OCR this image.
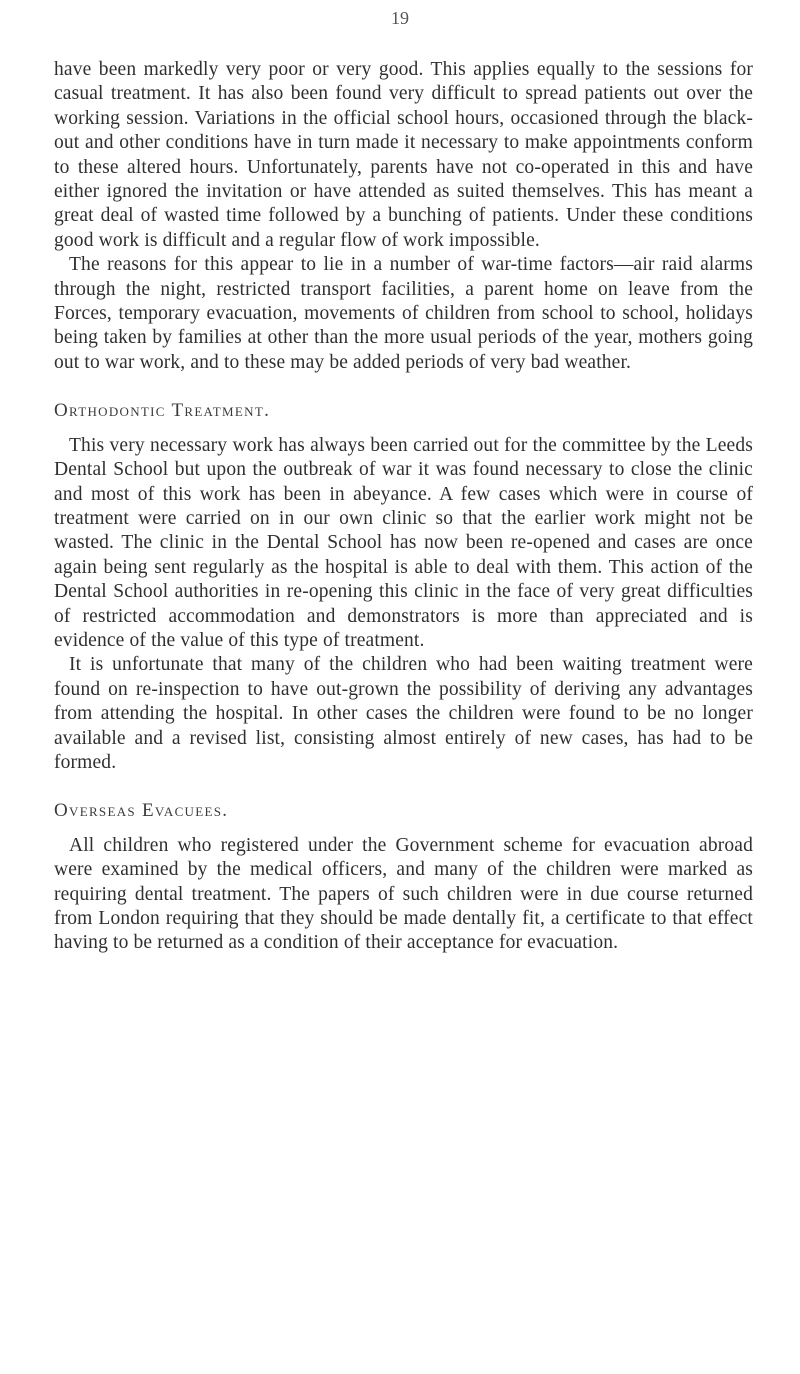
19

have been markedly very poor or very good. This applies equally to the sessions for casual treatment. It has also been found very difficult to spread patients out over the working session. Variations in the official school hours, occasioned through the black-out and other conditions have in turn made it necessary to make appointments conform to these altered hours. Unfortunately, parents have not co-operated in this and have either ignored the invitation or have attended as suited themselves. This has meant a great deal of wasted time followed by a bunching of patients. Under these conditions good work is difficult and a regular flow of work impossible.

The reasons for this appear to lie in a number of war-time factors—air raid alarms through the night, restricted transport facilities, a parent home on leave from the Forces, temporary evacuation, movements of children from school to school, holidays being taken by families at other than the more usual periods of the year, mothers going out to war work, and to these may be added periods of very bad weather.

Orthodontic Treatment.

This very necessary work has always been carried out for the committee by the Leeds Dental School but upon the outbreak of war it was found necessary to close the clinic and most of this work has been in abeyance. A few cases which were in course of treatment were carried on in our own clinic so that the earlier work might not be wasted. The clinic in the Dental School has now been re-opened and cases are once again being sent regularly as the hospital is able to deal with them. This action of the Dental School authorities in re-opening this clinic in the face of very great difficulties of restricted accommodation and demonstrators is more than appreciated and is evidence of the value of this type of treatment.

It is unfortunate that many of the children who had been waiting treatment were found on re-inspection to have out-grown the possibility of deriving any advantages from attending the hospital. In other cases the children were found to be no longer available and a revised list, consisting almost entirely of new cases, has had to be formed.

Overseas Evacuees.

All children who registered under the Government scheme for evacuation abroad were examined by the medical officers, and many of the children were marked as requiring dental treatment. The papers of such children were in due course returned from London requiring that they should be made dentally fit, a certificate to that effect having to be returned as a condition of their acceptance for evacuation.
